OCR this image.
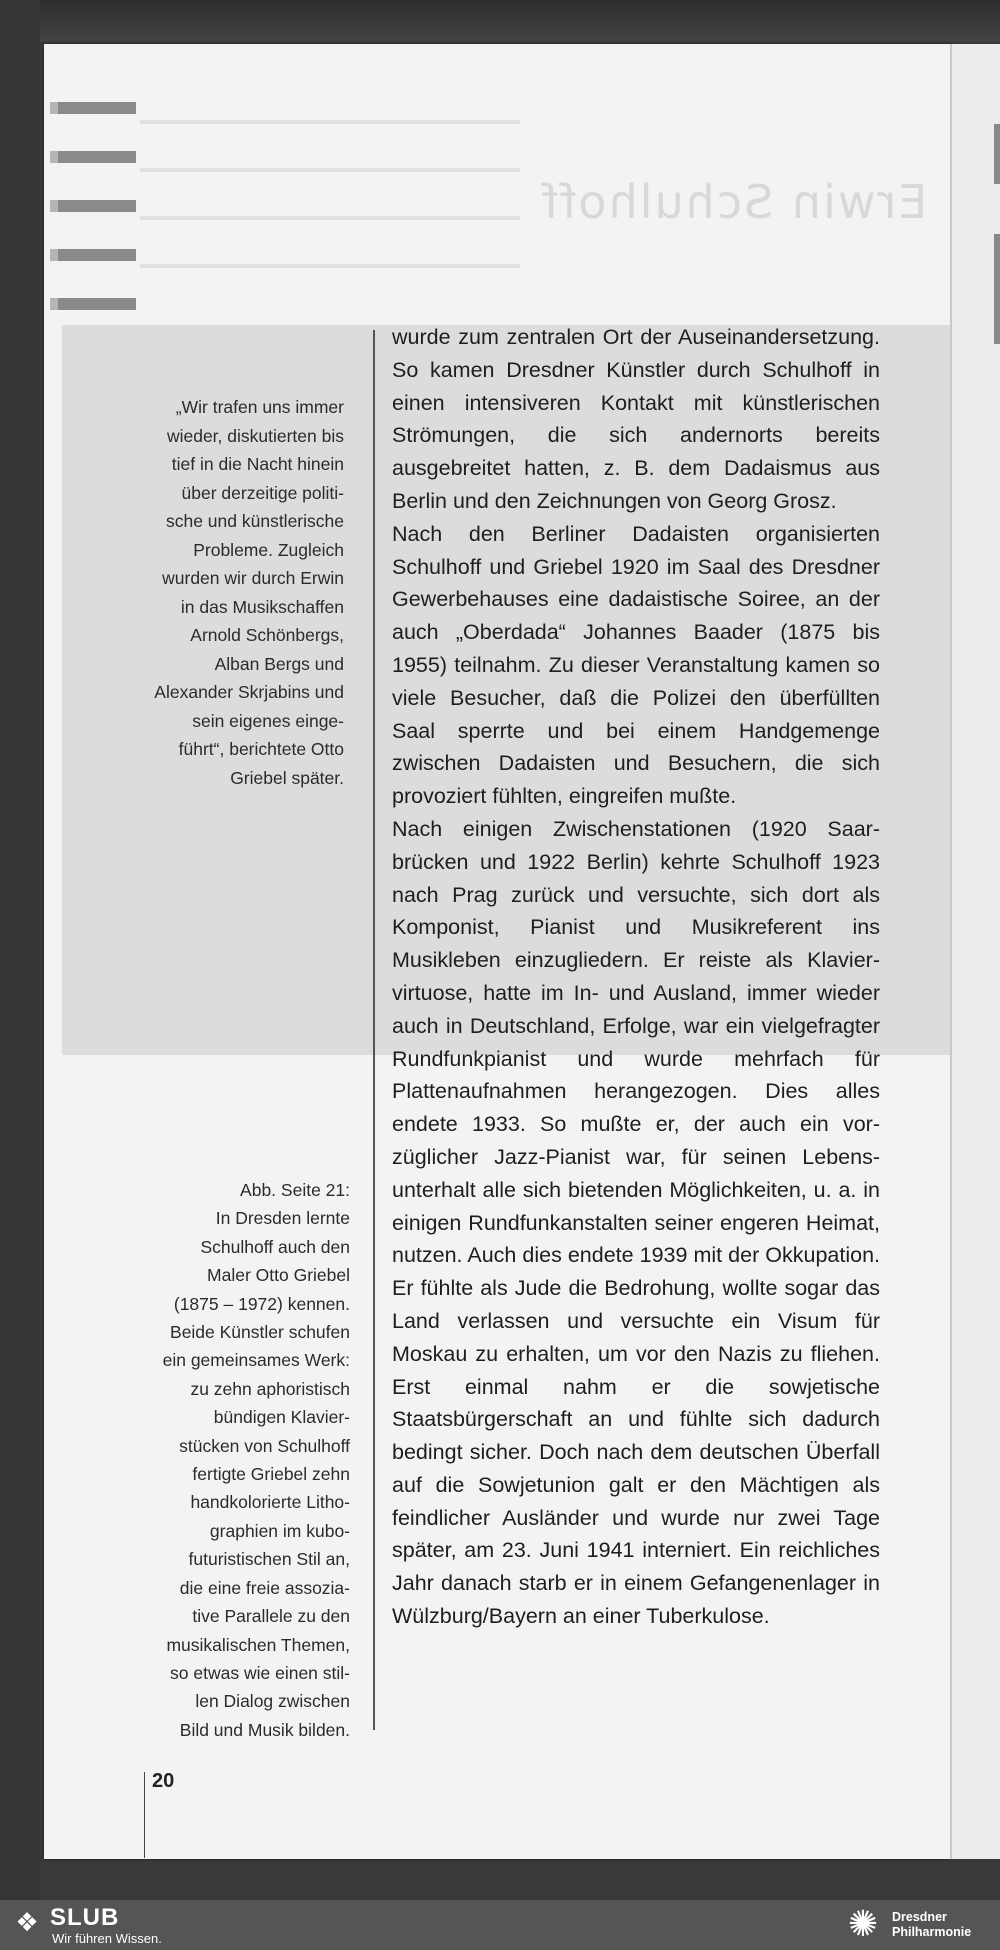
Erwin Schulhoff

„Wir trafen uns immer
wieder, diskutierten bis
tief in die Nacht hinein
über derzeitige politi-
sche und künstlerische
Probleme. Zugleich
wurden wir durch Erwin
in das Musikschaffen
Arnold Schönbergs,
Alban Bergs und
Alexander Skrjabins und
sein eigenes einge-
führt“, berichtete Otto
Griebel später.

Abb. Seite 21:
In Dresden lernte
Schulhoff auch den
Maler Otto Griebel
(1875 – 1972) kennen.
Beide Künstler schufen
ein gemeinsames Werk:
zu zehn aphoristisch
bündigen Klavier-
stücken von Schulhoff
fertigte Griebel zehn
handkolorierte Litho-
graphien im kubo-
futuristischen Stil an,
die eine freie assozia-
tive Parallele zu den
musikalischen Themen,
so etwas wie einen stil-
len Dialog zwischen
Bild und Musik bilden.

wurde zum zentralen Ort der Auseinandersetzung. So kamen Dresdner Künstler durch Schulhoff in einen intensiveren Kontakt mit künstlerischen Strömungen, die sich andernorts bereits ausgebreitet hatten, z. B. dem Dadaismus aus Berlin und den Zeichnungen von Georg Grosz.

Nach den Berliner Dadaisten organisierten Schulhoff und Griebel 1920 im Saal des Dresdner Gewerbehauses eine dadaistische Soiree, an der auch „Oberdada“ Johannes Baader (1875 bis 1955) teilnahm. Zu dieser Veranstaltung kamen so viele Besucher, daß die Polizei den überfüllten Saal sperrte und bei einem Handgemenge zwischen Dadaisten und Besuchern, die sich provoziert fühlten, eingreifen mußte.

Nach einigen Zwischenstationen (1920 Saarbrücken und 1922 Berlin) kehrte Schulhoff 1923 nach Prag zurück und versuchte, sich dort als Komponist, Pianist und Musikreferent ins Musikleben einzugliedern. Er reiste als Klaviervirtuose, hatte im In- und Ausland, immer wieder auch in Deutschland, Erfolge, war ein vielgefragter Rundfunkpianist und wurde mehrfach für Plattenaufnahmen herangezogen. Dies alles endete 1933. So mußte er, der auch ein vorzüglicher Jazz-Pianist war, für seinen Lebensunterhalt alle sich bietenden Möglichkeiten, u. a. in einigen Rundfunkanstalten seiner engeren Heimat, nutzen. Auch dies endete 1939 mit der Okkupation. Er fühlte als Jude die Bedrohung, wollte sogar das Land verlassen und versuchte ein Visum für Moskau zu erhalten, um vor den Nazis zu fliehen. Erst einmal nahm er die sowjetische Staatsbürgerschaft an und fühlte sich dadurch bedingt sicher. Doch nach dem deutschen Überfall auf die Sowjetunion galt er den Mächtigen als feindlicher Ausländer und wurde nur zwei Tage später, am 23. Juni 1941 interniert. Ein reichliches Jahr danach starb er in einem Gefangenenlager in Wülzburg/Bayern an einer Tuberkulose.

20
❖ SLUB
Wir führen Wissen.	✺	Dresdner
Philharmonie
